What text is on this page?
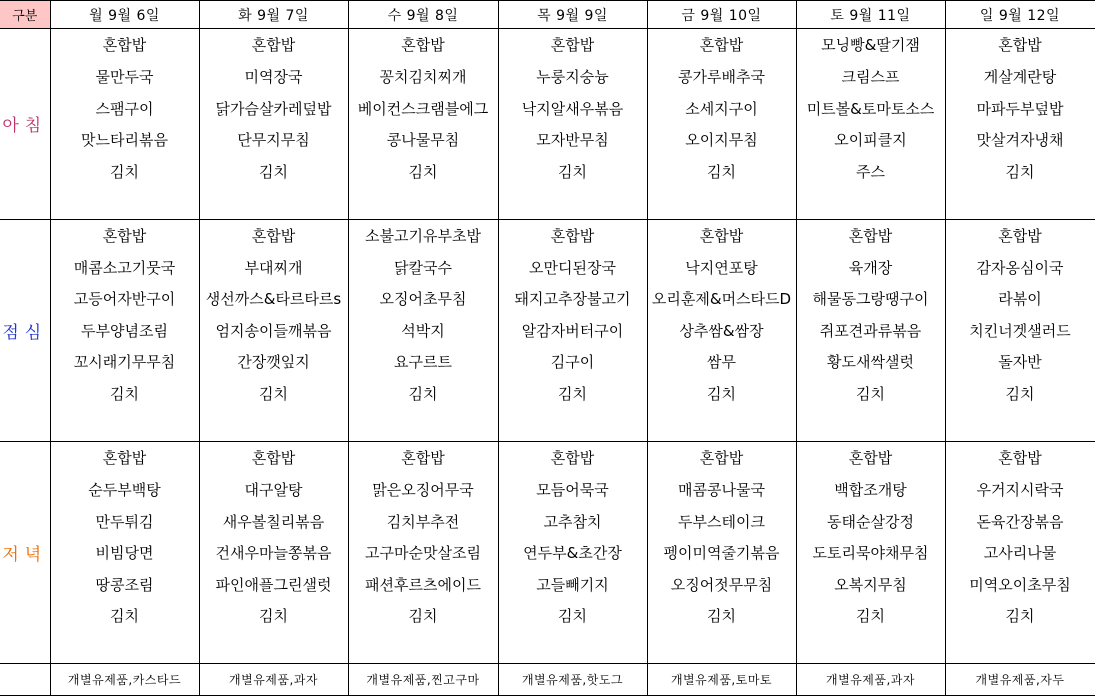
구분	월 9월 6일	화 9월 7일	수 9월 8일	목 9월 9일	금 9월 10일	토 9월 11일	일 9월 12일
아침	혼합밥	혼합밥	혼합밥	혼합밥	혼합밥	모닝빵&딸기잼	혼합밥
	물만두국	미역장국	꽁치김치찌개	누룽지숭늉	콩가루배추국	크림스프	게살계란탕
	스팸구이	닭가슴살카레덮밥	베이컨스크램블에그	낙지알새우볶음	소세지구이	미트볼&토마토소스	마파두부덮밥
	맛느타리볶음	단무지무침	콩나물무침	모자반무침	오이지무침	오이피클지	맛살겨자냉채
	김치	김치	김치	김치	김치	주스	김치

점심	혼합밥	혼합밥	소불고기유부초밥	혼합밥	혼합밥	혼합밥	혼합밥
	매콤소고기뭇국	부대찌개	닭칼국수	오만디된장국	낙지연포탕	육개장	감자옹심이국
	고등어자반구이	생선까스&타르타르s	오징어초무침	돼지고추장불고기	오리훈제&머스타드D	해물동그랑땡구이	라볶이
	두부양념조림	엄지송이들깨볶음	석박지	알감자버터구이	상추쌈&쌈장	쥐포견과류볶음	치킨너겟샐러드
	꼬시래기무무침	간장깻잎지	요구르트	김구이	쌈무	황도새싹샐럿	돌자반
	김치	김치	김치	김치	김치	김치	김치

저녁	혼합밥	혼합밥	혼합밥	혼합밥	혼합밥	혼합밥	혼합밥
	순두부백탕	대구알탕	맑은오징어무국	모듬어묵국	매콤콩나물국	백합조개탕	우거지시락국
	만두튀김	새우볼칠리볶음	김치부추전	고추참치	두부스테이크	동태순살강정	돈육간장볶음
	비빔당면	건새우마늘쫑볶음	고구마순맛살조림	연두부&초간장	펭이미역줄기볶음	도토리묵야채무침	고사리나물
	땅콩조림	파인애플그린샐럿	패션후르츠에이드	고들빼기지	오징어젓무무침	오복지무침	미역오이초무침
	김치	김치	김치	김치	김치	김치	김치

	개별유제품,카스타드	개별유제품,과자	개별유제품,찐고구마	개별유제품,핫도그	개별유제품,토마토	개별유제품,과자	개별유제품,자두
